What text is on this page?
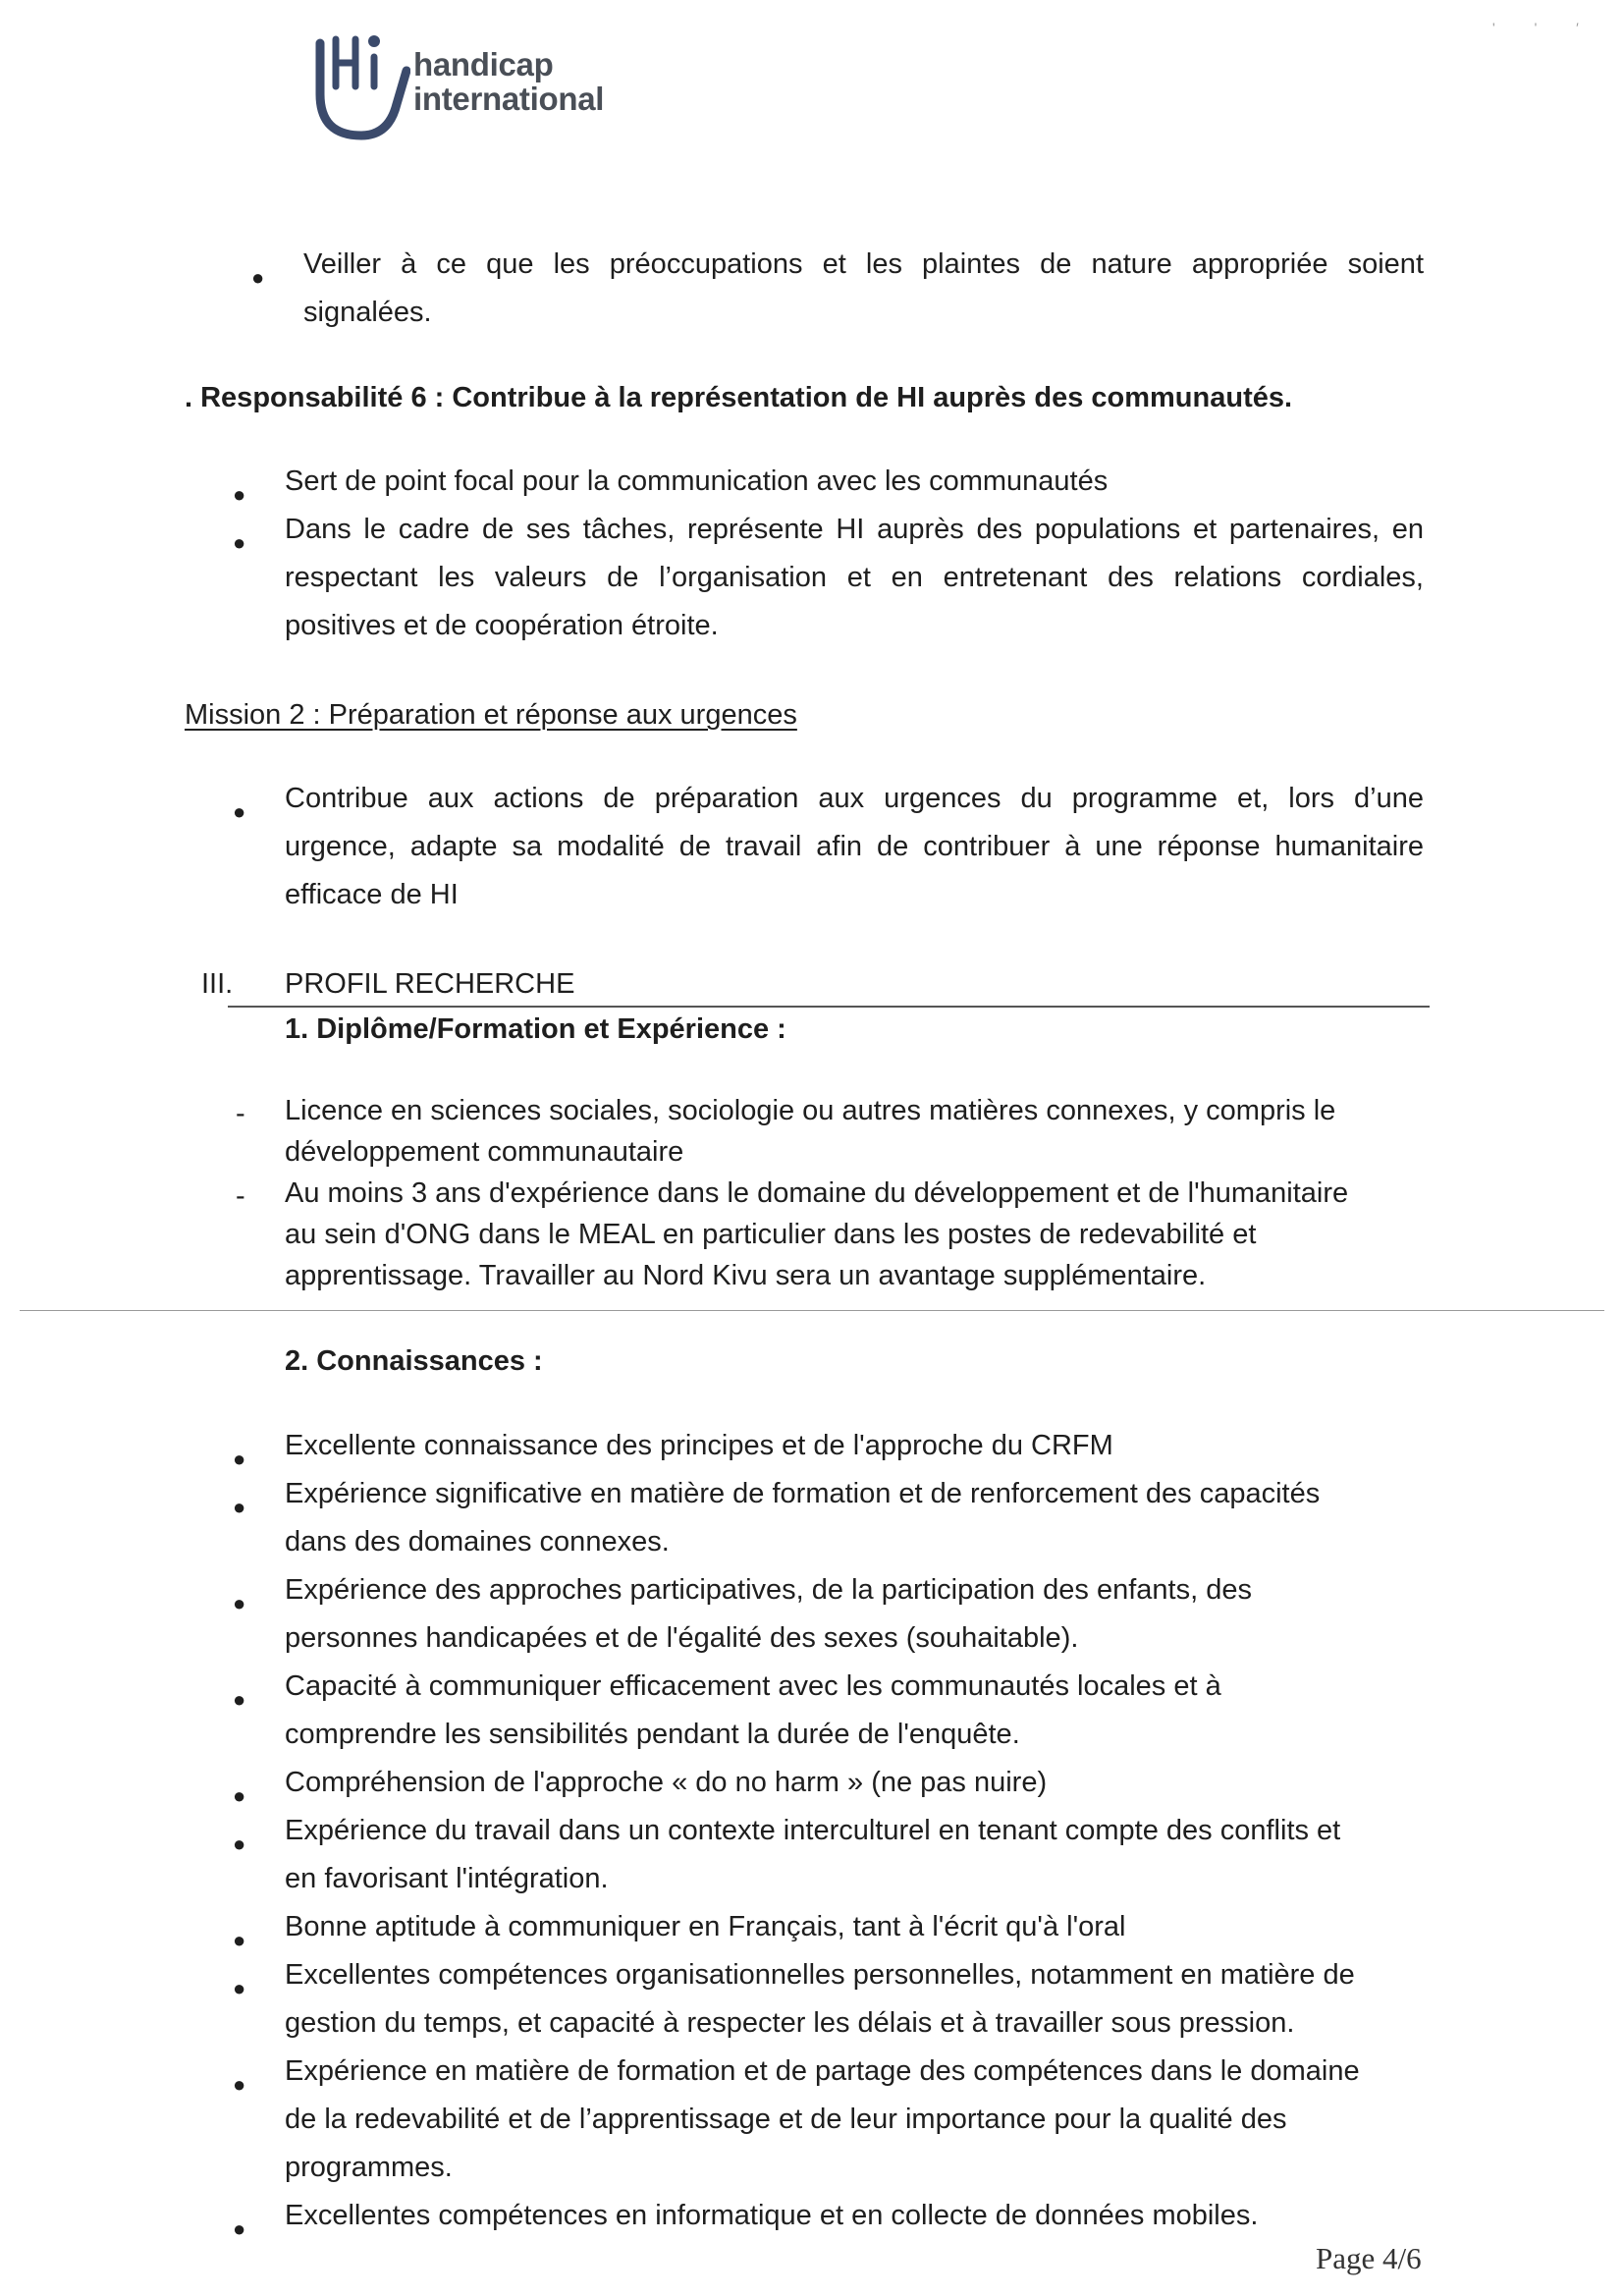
handicap
international
' ' ′
● Veiller à ce que les préoccupations et les plaintes de nature appropriée soient
signalées.
. Responsabilité 6 : Contribue à la représentation de HI auprès des communautés.
● Sert de point focal pour la communication avec les communautés
● Dans le cadre de ses tâches, représente HI auprès des populations et partenaires, en
respectant les valeurs de l’organisation et en entretenant des relations cordiales,
positives et de coopération étroite.
Mission 2 : Préparation et réponse aux urgences
● Contribue aux actions de préparation aux urgences du programme et, lors d’une
urgence, adapte sa modalité de travail afin de contribuer à une réponse humanitaire
efficace de HI
III. PROFIL RECHERCHE
1. Diplôme/Formation et Expérience :
- Licence en sciences sociales, sociologie ou autres matières connexes, y compris le
développement communautaire
- Au moins 3 ans d'expérience dans le domaine du développement et de l'humanitaire
au sein d'ONG dans le MEAL en particulier dans les postes de redevabilité et
apprentissage. Travailler au Nord Kivu sera un avantage supplémentaire.
2. Connaissances :
● Excellente connaissance des principes et de l'approche du CRFM
● Expérience significative en matière de formation et de renforcement des capacités
dans des domaines connexes.
● Expérience des approches participatives, de la participation des enfants, des
personnes handicapées et de l'égalité des sexes (souhaitable).
● Capacité à communiquer efficacement avec les communautés locales et à
comprendre les sensibilités pendant la durée de l'enquête.
● Compréhension de l'approche « do no harm » (ne pas nuire)
● Expérience du travail dans un contexte interculturel en tenant compte des conflits et
en favorisant l'intégration.
● Bonne aptitude à communiquer en Français, tant à l'écrit qu'à l'oral
● Excellentes compétences organisationnelles personnelles, notamment en matière de
gestion du temps, et capacité à respecter les délais et à travailler sous pression.
● Expérience en matière de formation et de partage des compétences dans le domaine
de la redevabilité et de l’apprentissage et de leur importance pour la qualité des
programmes.
● Excellentes compétences en informatique et en collecte de données mobiles.
Page 4/6
